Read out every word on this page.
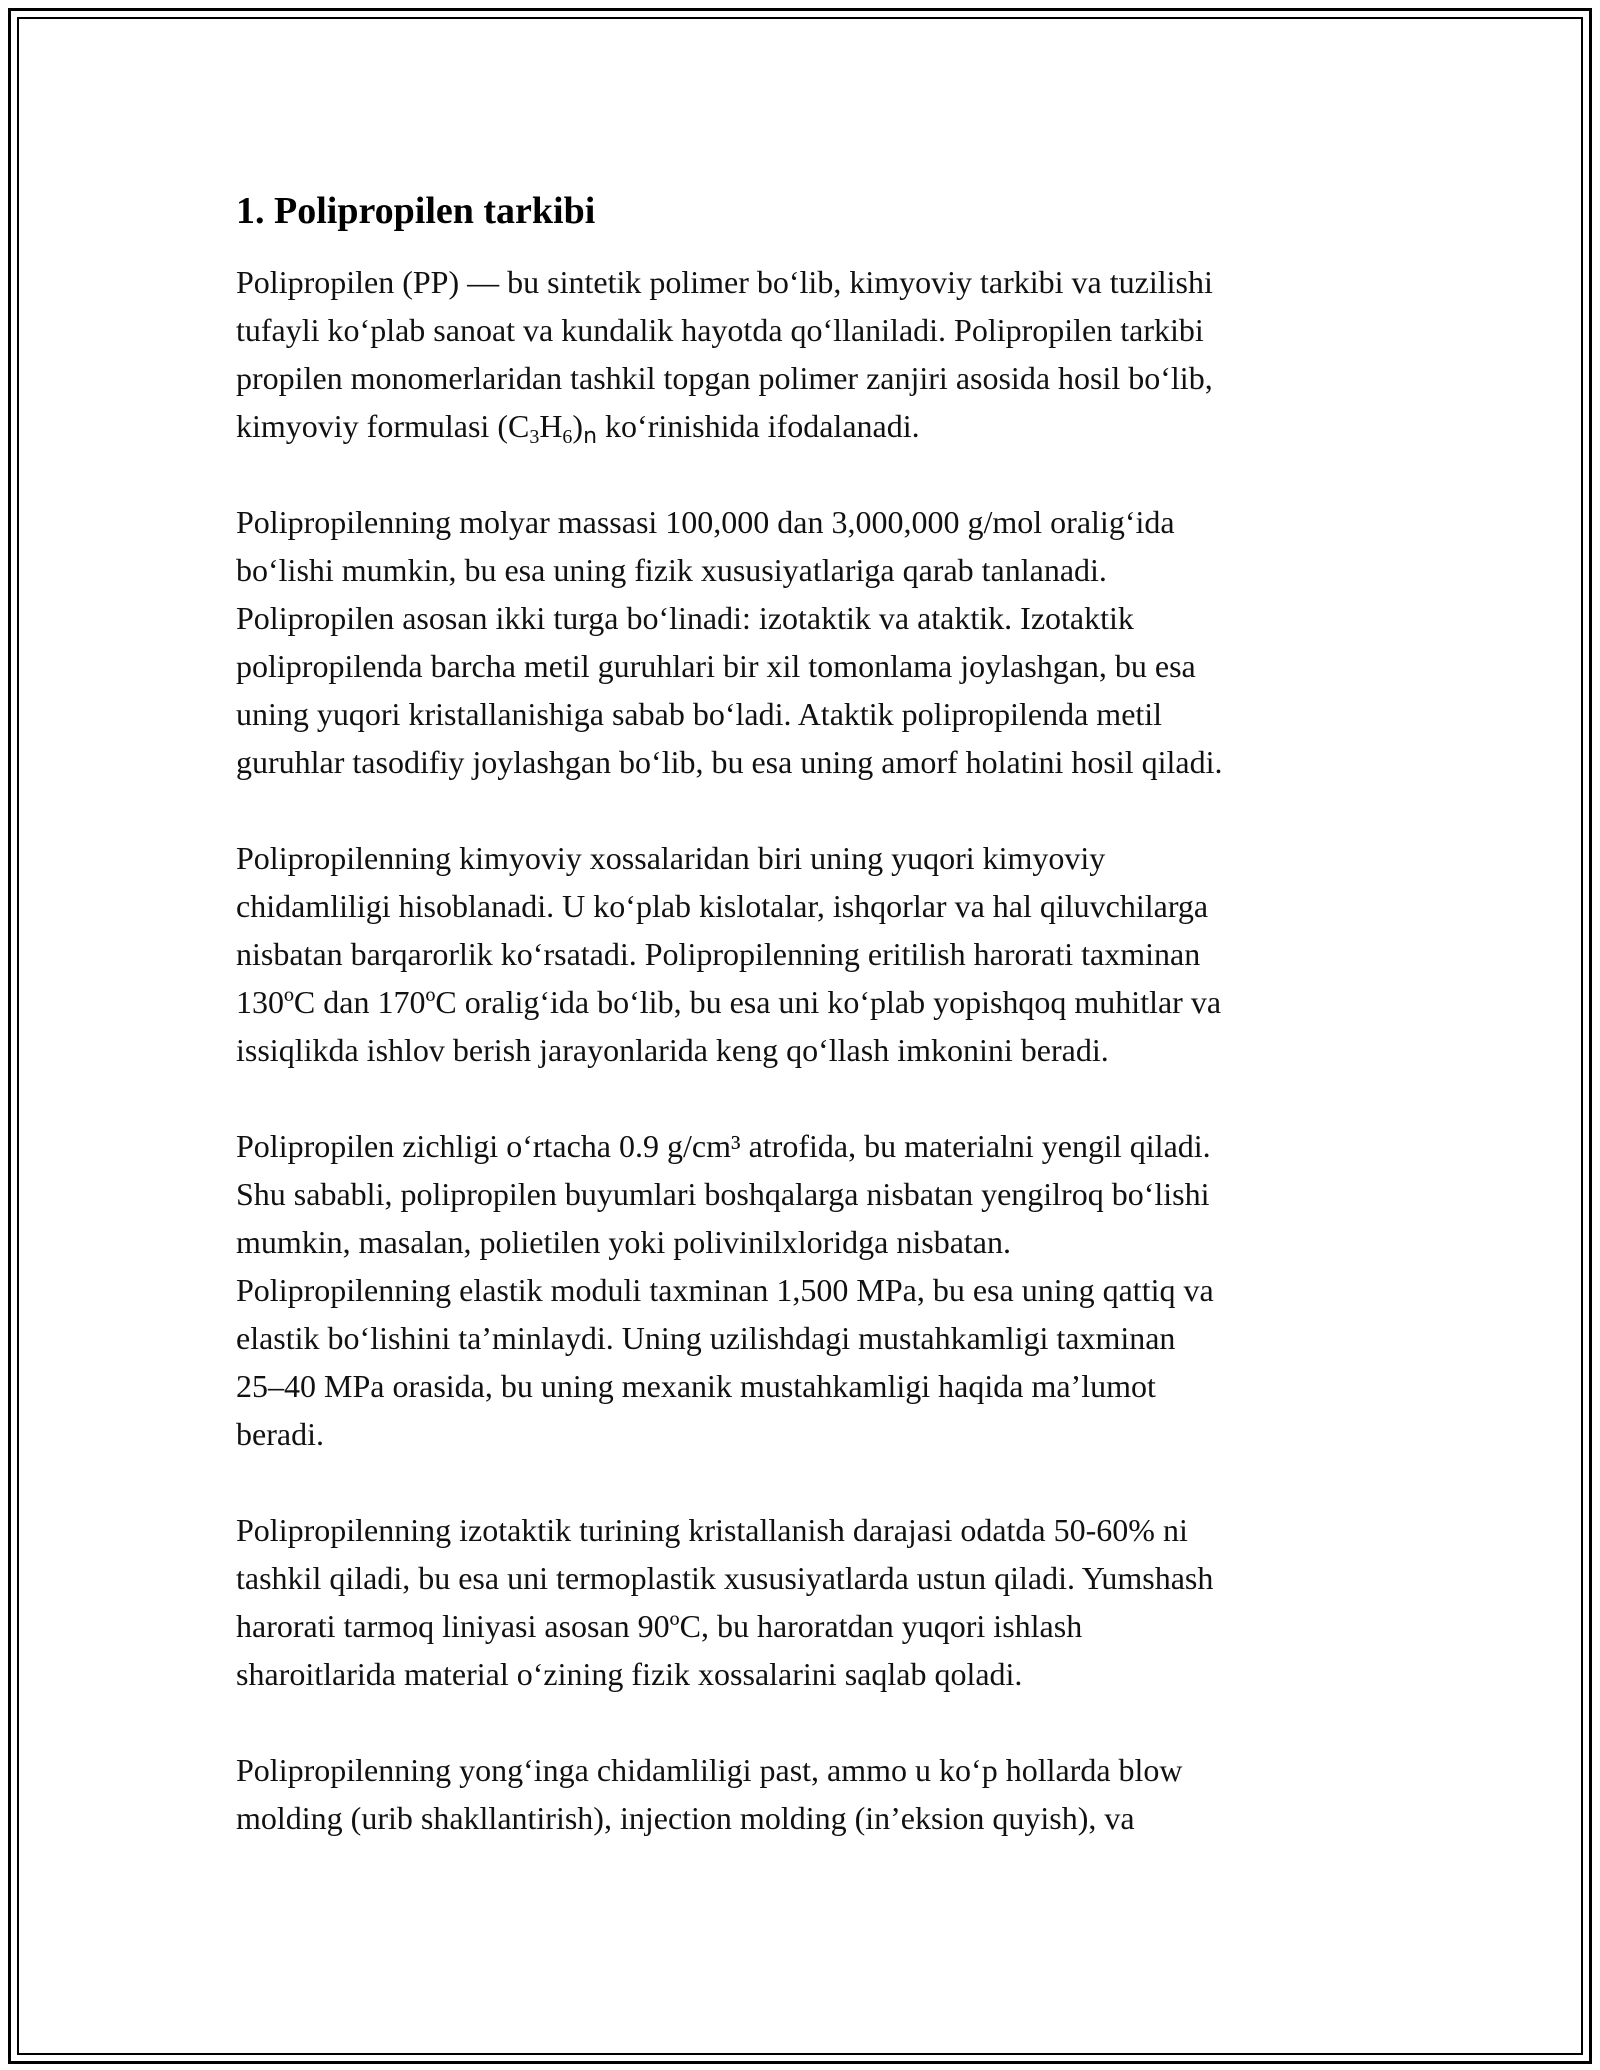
1. Polipropilen tarkibi

Polipropilen (PP) — bu sintetik polimer bo‘lib, kimyoviy tarkibi va tuzilishi
tufayli ko‘plab sanoat va kundalik hayotda qo‘llaniladi. Polipropilen tarkibi
propilen monomerlaridan tashkil topgan polimer zanjiri asosida hosil bo‘lib,
kimyoviy formulasi $(C_3H_6)n$ ko‘rinishida ifodalanadi.

Polipropilenning molyar massasi 100,000 dan 3,000,000 g/mol oralig‘ida
bo‘lishi mumkin, bu esa uning fizik xususiyatlariga qarab tanlanadi.
Polipropilen asosan ikki turga bo‘linadi: izotaktik va ataktik. Izotaktik
polipropilenda barcha metil guruhlari bir xil tomonlama joylashgan, bu esa
uning yuqori kristallanishiga sabab bo‘ladi. Ataktik polipropilenda metil
guruhlar tasodifiy joylashgan bo‘lib, bu esa uning amorf holatini hosil qiladi.

Polipropilenning kimyoviy xossalaridan biri uning yuqori kimyoviy
chidamliligi hisoblanadi. U ko‘plab kislotalar, ishqorlar va hal qiluvchilarga
nisbatan barqarorlik ko‘rsatadi. Polipropilenning eritilish harorati taxminan
130ºC dan 170ºC oralig‘ida bo‘lib, bu esa uni ko‘plab yopishqoq muhitlar va
issiqlikda ishlov berish jarayonlarida keng qo‘llash imkonini beradi.

Polipropilen zichligi o‘rtacha 0.9 g/cm³ atrofida, bu materialni yengil qiladi.
Shu sababli, polipropilen buyumlari boshqalarga nisbatan yengilroq bo‘lishi
mumkin, masalan, polietilen yoki polivinilxloridga nisbatan.
Polipropilenning elastik moduli taxminan 1,500 MPa, bu esa uning qattiq va
elastik bo‘lishini ta’minlaydi. Uning uzilishdagi mustahkamligi taxminan
25–40 MPa orasida, bu uning mexanik mustahkamligi haqida ma’lumot
beradi.

Polipropilenning izotaktik turining kristallanish darajasi odatda 50-60% ni
tashkil qiladi, bu esa uni termoplastik xususiyatlarda ustun qiladi. Yumshash
harorati tarmoq liniyasi asosan 90ºC, bu haroratdan yuqori ishlash
sharoitlarida material o‘zining fizik xossalarini saqlab qoladi.

Polipropilenning yong‘inga chidamliligi past, ammo u ko‘p hollarda blow
molding (urib shakllantirish), injection molding (in’eksion quyish), va
